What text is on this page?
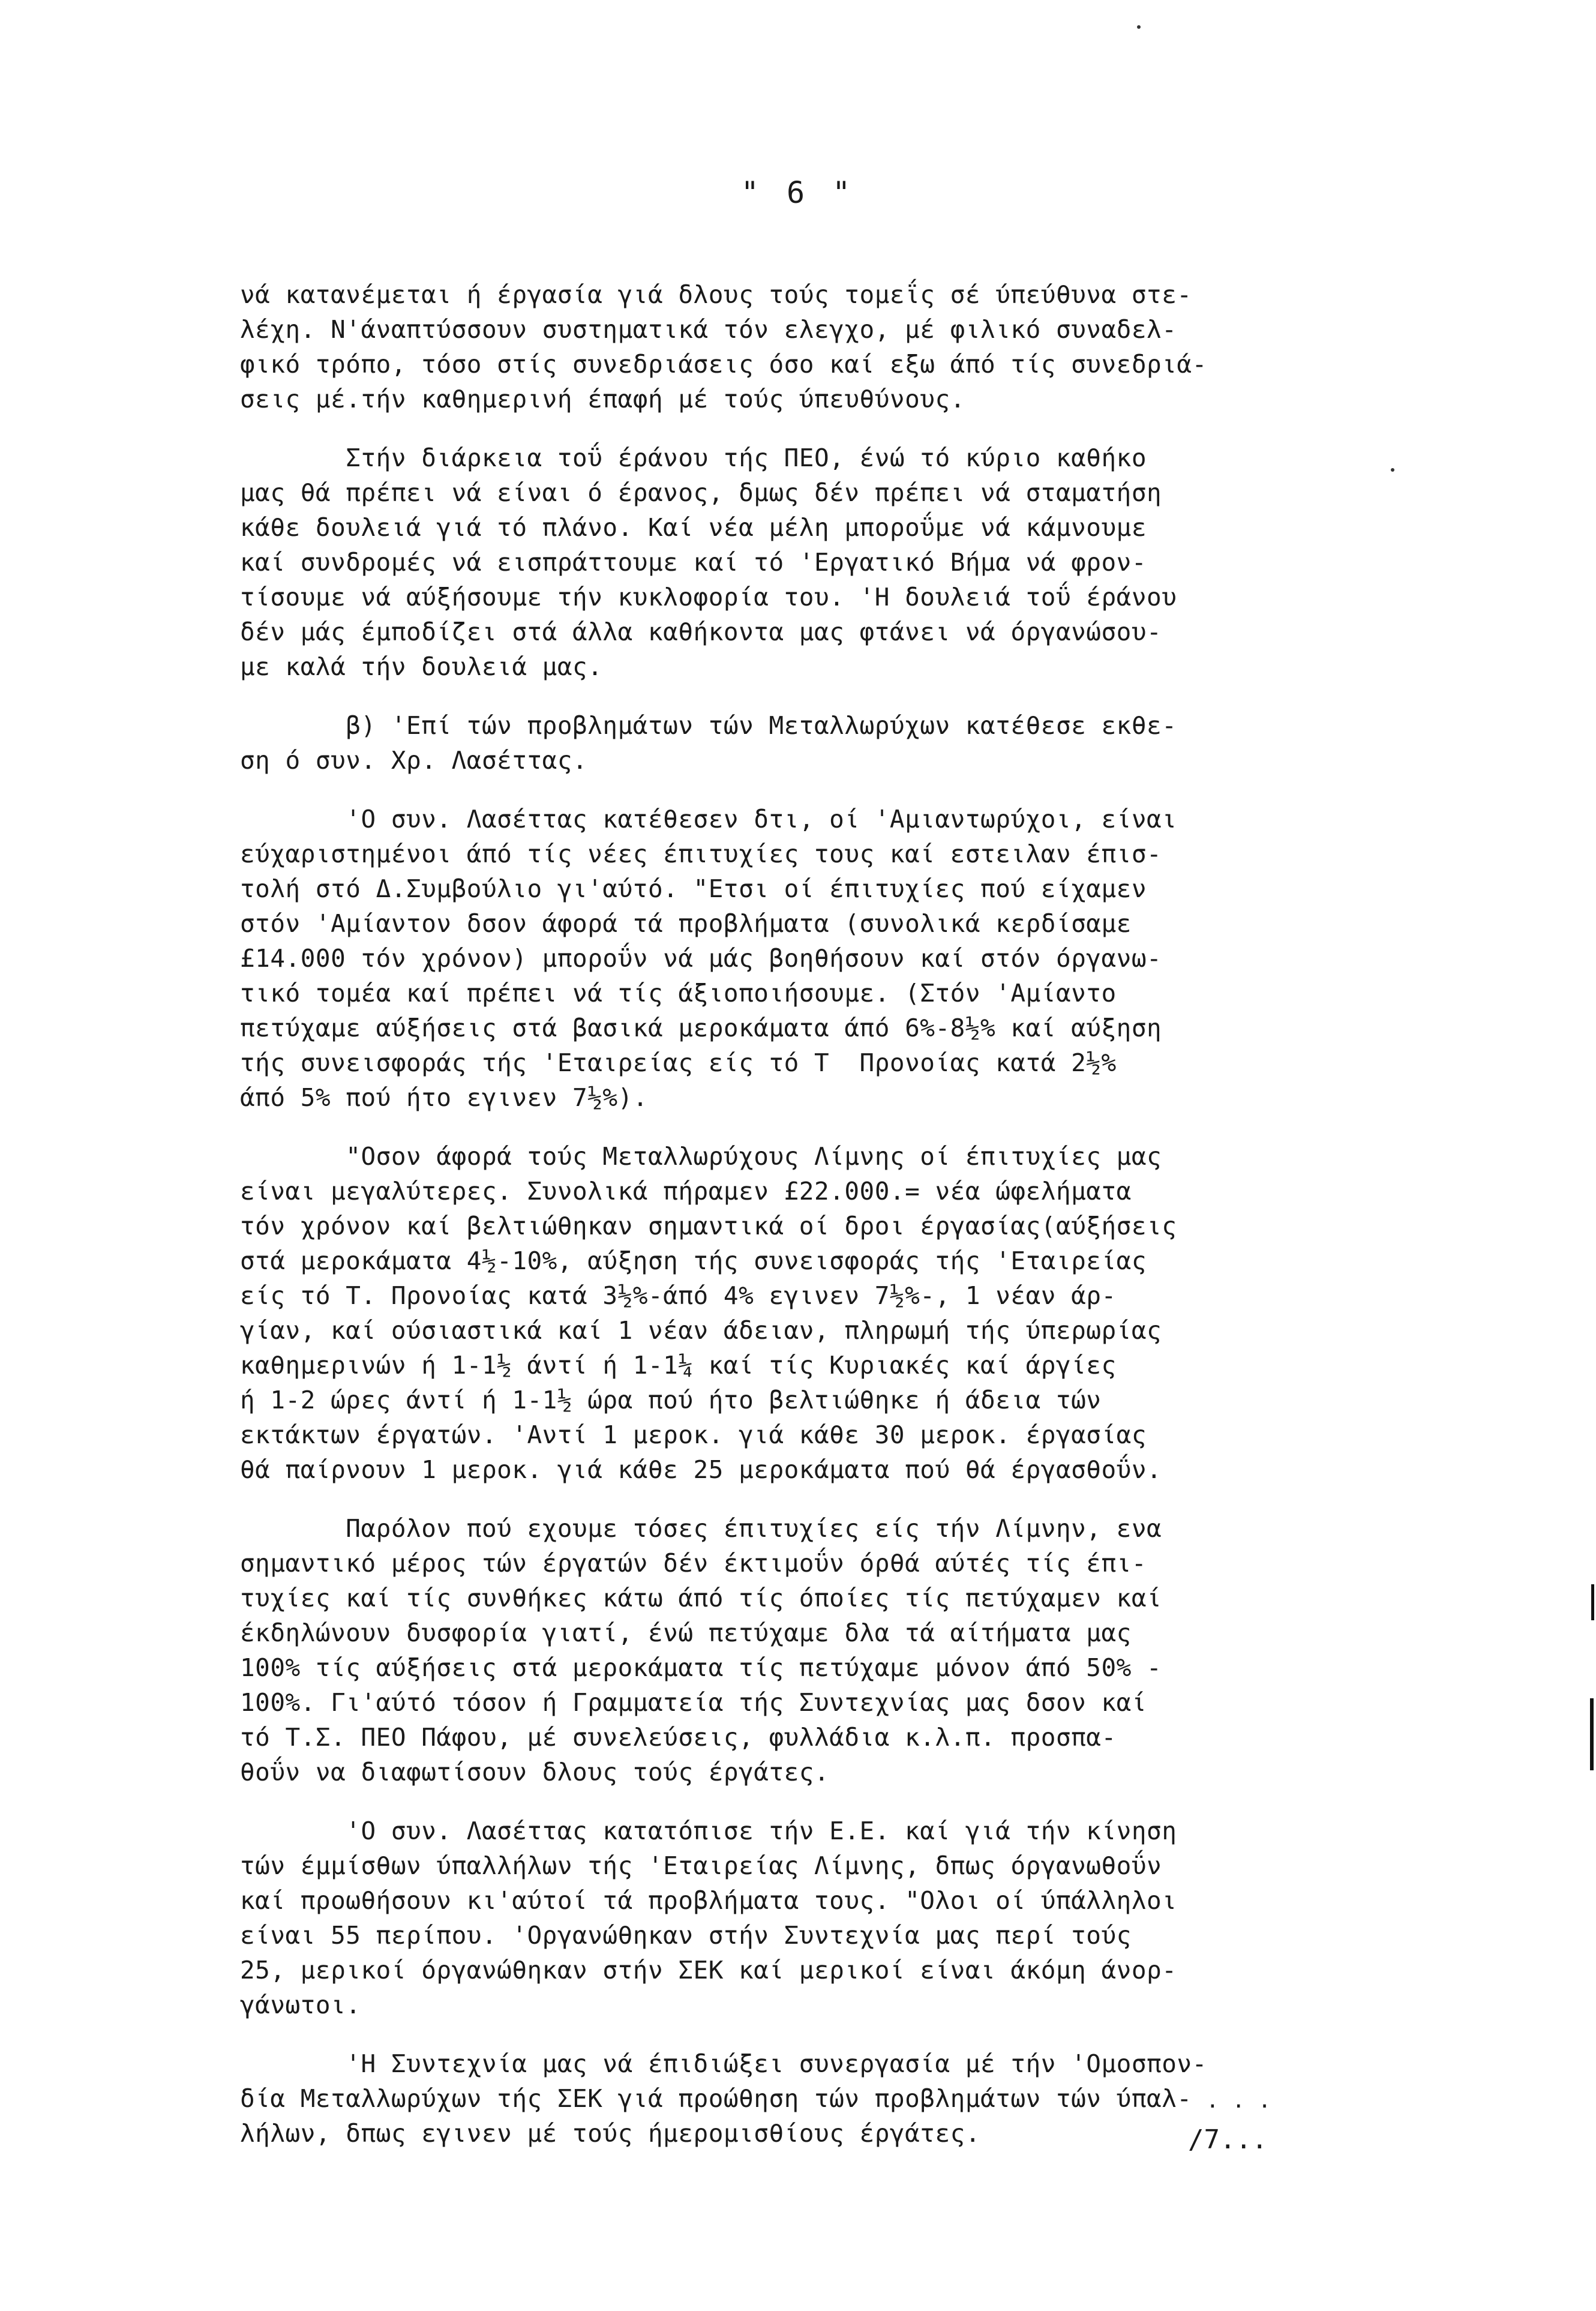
" 6 "
νά κατανέμεται ή έργασία γιά δλους τούς τομεΐς σέ ύπεύθυνα στε-
λέχη. Ν'άναπτύσσουν συστηματικά τόν ελεγχο, μέ φιλικό συναδελ-
φικό τρόπο, τόσο στίς συνεδριάσεις όσο καί εξω άπό τίς συνεδριά-
σεις μέ.τήν καθημερινή έπαφή μέ τούς ύπευθύνους.
Στήν διάρκεια τοΰ έράνου τής ΠΕΟ, ένώ τό κύριο καθήκο
μας θά πρέπει νά είναι ό έρανος, δμως δέν πρέπει νά σταματήση
κάθε δουλειά γιά τό πλάνο. Καί νέα μέλη μποροΰμε νά κάμνουμε
καί συνδρομές νά εισπράττουμε καί τό 'Εργατικό Βήμα νά φρον-
τίσουμε νά αύξήσουμε τήν κυκλοφορία του. 'Η δουλειά τοΰ έράνου
δέν μάς έμποδίζει στά άλλα καθήκοντα μας φτάνει νά όργανώσου-
με καλά τήν δουλειά μας.
β) 'Επί τών προβλημάτων τών Μεταλλωρύχων κατέθεσε εκθε-
ση ό συν. Χρ. Λασέττας.
'Ο συν. Λασέττας κατέθεσεν δτι, οί 'Αμιαντωρύχοι, είναι
εύχαριστημένοι άπό τίς νέες έπιτυχίες τους καί εστειλαν έπισ-
τολή στό Δ.Συμβούλιο γι'αύτό. "Ετσι οί έπιτυχίες πού είχαμεν
στόν 'Αμίαντον δσον άφορά τά προβλήματα (συνολικά κερδίσαμε
£14.000 τόν χρόνον) μποροΰν νά μάς βοηθήσουν καί στόν όργανω-
τικό τομέα καί πρέπει νά τίς άξιοποιήσουμε. (Στόν 'Αμίαντο
πετύχαμε αύξήσεις στά βασικά μεροκάματα άπό 6%-8½% καί αύξηση
τής συνεισφοράς τής 'Εταιρείας είς τό Τ  Προνοίας κατά 2½%
άπό 5% πού ήτο εγινεν 7½%).
"Οσον άφορά τούς Μεταλλωρύχους Λίμνης οί έπιτυχίες μας
είναι μεγαλύτερες. Συνολικά πήραμεν £22.000.= νέα ώφελήματα
τόν χρόνον καί βελτιώθηκαν σημαντικά οί δροι έργασίας(αύξήσεις
στά μεροκάματα 4½-10%, αύξηση τής συνεισφοράς τής 'Εταιρείας
είς τό Τ. Προνοίας κατά 3½%-άπό 4% εγινεν 7½%-, 1 νέαν άρ-
γίαν, καί ούσιαστικά καί 1 νέαν άδειαν, πληρωμή τής ύπερωρίας
καθημερινών ή 1-1½ άντί ή 1-1¼ καί τίς Κυριακές καί άργίες
ή 1-2 ώρες άντί ή 1-1½ ώρα πού ήτο βελτιώθηκε ή άδεια τών
εκτάκτων έργατών. 'Αντί 1 μεροκ. γιά κάθε 30 μεροκ. έργασίας
θά παίρνουν 1 μεροκ. γιά κάθε 25 μεροκάματα πού θά έργασθοΰν.
Παρόλον πού εχουμε τόσες έπιτυχίες είς τήν Λίμνην, ενα
σημαντικό μέρος τών έργατών δέν έκτιμοΰν όρθά αύτές τίς έπι-
τυχίες καί τίς συνθήκες κάτω άπό τίς όποίες τίς πετύχαμεν καί
έκδηλώνουν δυσφορία γιατί, ένώ πετύχαμε δλα τά αίτήματα μας
100% τίς αύξήσεις στά μεροκάματα τίς πετύχαμε μόνον άπό 50% -
100%. Γι'αύτό τόσον ή Γραμματεία τής Συντεχνίας μας δσον καί
τό Τ.Σ. ΠΕΟ Πάφου, μέ συνελεύσεις, φυλλάδια κ.λ.π. προσπα-
θοΰν να διαφωτίσουν δλους τούς έργάτες.
'Ο συν. Λασέττας κατατόπισε τήν Ε.Ε. καί γιά τήν κίνηση
τών έμμίσθων ύπαλλήλων τής 'Εταιρείας Λίμνης, δπως όργανωθοΰν
καί προωθήσουν κι'αύτοί τά προβλήματα τους. "Ολοι οί ύπάλληλοι
είναι 55 περίπου. 'Οργανώθηκαν στήν Συντεχνία μας περί τούς
25, μερικοί όργανώθηκαν στήν ΣΕΚ καί μερικοί είναι άκόμη άνορ-
γάνωτοι.
'Η Συντεχνία μας νά έπιδιώξει συνεργασία μέ τήν 'Ομοσπον-
δία Μεταλλωρύχων τής ΣΕΚ γιά προώθηση τών προβλημάτων τών ύπαλ-
λήλων, δπως εγινεν μέ τούς ήμερομισθίους έργάτες.
. . .
/7...
